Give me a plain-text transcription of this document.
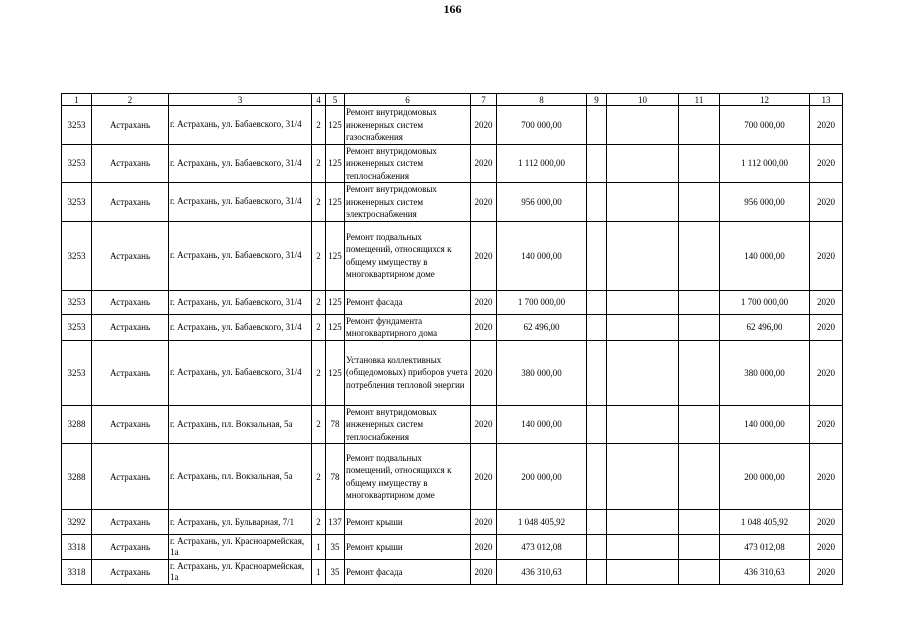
166
1	2	3	4	5	6	7	8	9	10	11	12	13
3253	Астрахань	г. Астрахань, ул. Бабаевского, 31/4	2	125	Ремонт внутридомовых инженерных систем газоснабжения	2020	700 000,00				700 000,00	2020
3253	Астрахань	г. Астрахань, ул. Бабаевского, 31/4	2	125	Ремонт внутридомовых инженерных систем теплоснабжения	2020	1 112 000,00				1 112 000,00	2020
3253	Астрахань	г. Астрахань, ул. Бабаевского, 31/4	2	125	Ремонт внутридомовых инженерных систем электроснабжения	2020	956 000,00				956 000,00	2020
3253	Астрахань	г. Астрахань, ул. Бабаевского, 31/4	2	125	Ремонт подвальных помещений, относящихся к общему имуществу в многоквартирном доме	2020	140 000,00				140 000,00	2020
3253	Астрахань	г. Астрахань, ул. Бабаевского, 31/4	2	125	Ремонт фасада	2020	1 700 000,00				1 700 000,00	2020
3253	Астрахань	г. Астрахань, ул. Бабаевского, 31/4	2	125	Ремонт фундамента многоквартирного дома	2020	62 496,00				62 496,00	2020
3253	Астрахань	г. Астрахань, ул. Бабаевского, 31/4	2	125	Установка коллективных (общедомовых) приборов учета потребления тепловой энергии	2020	380 000,00				380 000,00	2020
3288	Астрахань	г. Астрахань, пл. Вокзальная, 5а	2	78	Ремонт внутридомовых инженерных систем теплоснабжения	2020	140 000,00				140 000,00	2020
3288	Астрахань	г. Астрахань, пл. Вокзальная, 5а	2	78	Ремонт подвальных помещений, относящихся к общему имуществу в многоквартирном доме	2020	200 000,00				200 000,00	2020
3292	Астрахань	г. Астрахань, ул. Бульварная, 7/1	2	137	Ремонт крыши	2020	1 048 405,92				1 048 405,92	2020
3318	Астрахань	г. Астрахань, ул. Красноармейская, 1а	1	35	Ремонт крыши	2020	473 012,08				473 012,08	2020
3318	Астрахань	г. Астрахань, ул. Красноармейская, 1а	1	35	Ремонт фасада	2020	436 310,63				436 310,63	2020
